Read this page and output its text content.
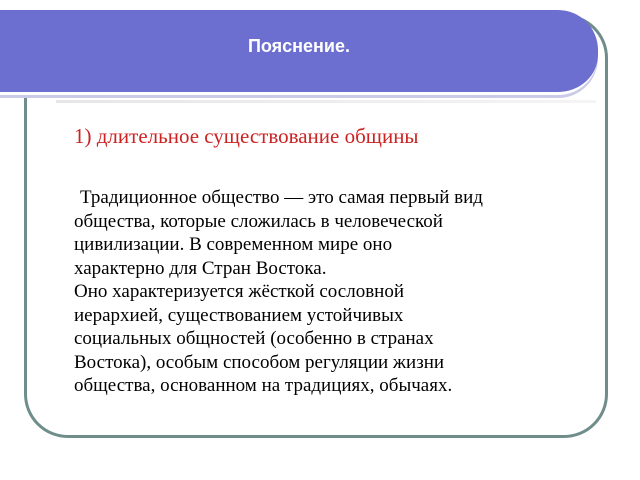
Пояснение.
1) длительное существование общины
Традиционное общество — это самая первый вид
общества, которые сложилась в человеческой
цивилизации. В современном мире оно
характерно для Стран Востока.
Оно характеризуется жёсткой сословной
иерархией, существованием устойчивых
социальных общностей (особенно в странах
Востока), особым способом регуляции жизни
общества, основанном на традициях, обычаях.
